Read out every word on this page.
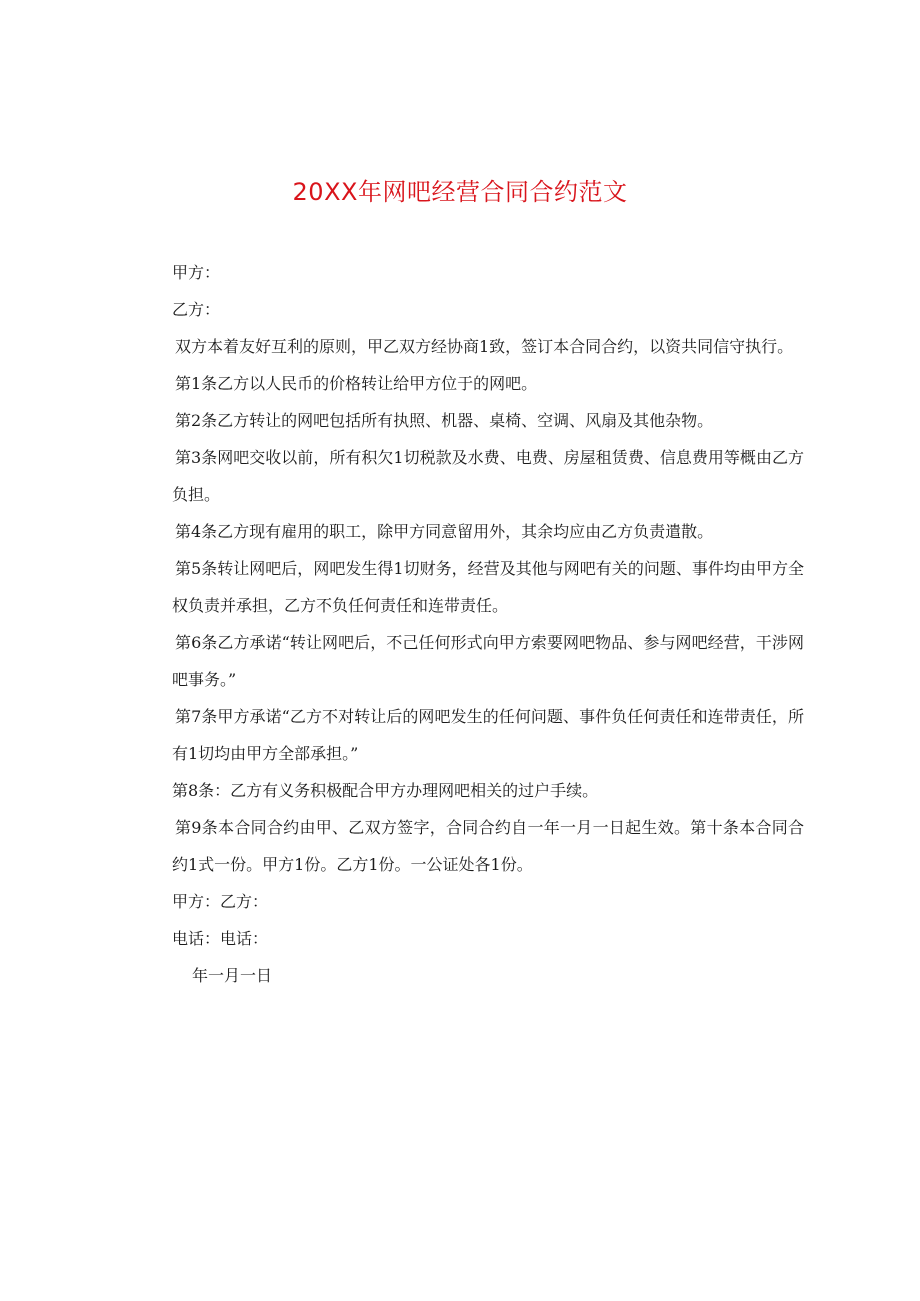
20XX年网吧经营合同合约范文

甲方：

乙方：

双方本着友好互利的原则，甲乙双方经协商1致，签订本合同合约，以资共同信守执行。

第1条乙方以人民币的价格转让给甲方位于的网吧。

第2条乙方转让的网吧包括所有执照、机器、桌椅、空调、风扇及其他杂物。

第3条网吧交收以前，所有积欠1切税款及水费、电费、房屋租赁费、信息费用等概由乙方负担。

第4条乙方现有雇用的职工，除甲方同意留用外，其余均应由乙方负责遣散。

第5条转让网吧后，网吧发生得1切财务，经营及其他与网吧有关的问题、事件均由甲方全权负责并承担，乙方不负任何责任和连带责任。

第6条乙方承诺“转让网吧后，不己任何形式向甲方索要网吧物品、参与网吧经营，干涉网吧事务。”

第7条甲方承诺“乙方不对转让后的网吧发生的任何问题、事件负任何责任和连带责任，所有1切均由甲方全部承担。”

第8条：乙方有义务积极配合甲方办理网吧相关的过户手续。

第9条本合同合约由甲、乙双方签字，合同合约自一年一月一日起生效。第十条本合同合约1式一份。甲方1份。乙方1份。一公证处各1份。

甲方：乙方：

电话：电话：

年一月一日
